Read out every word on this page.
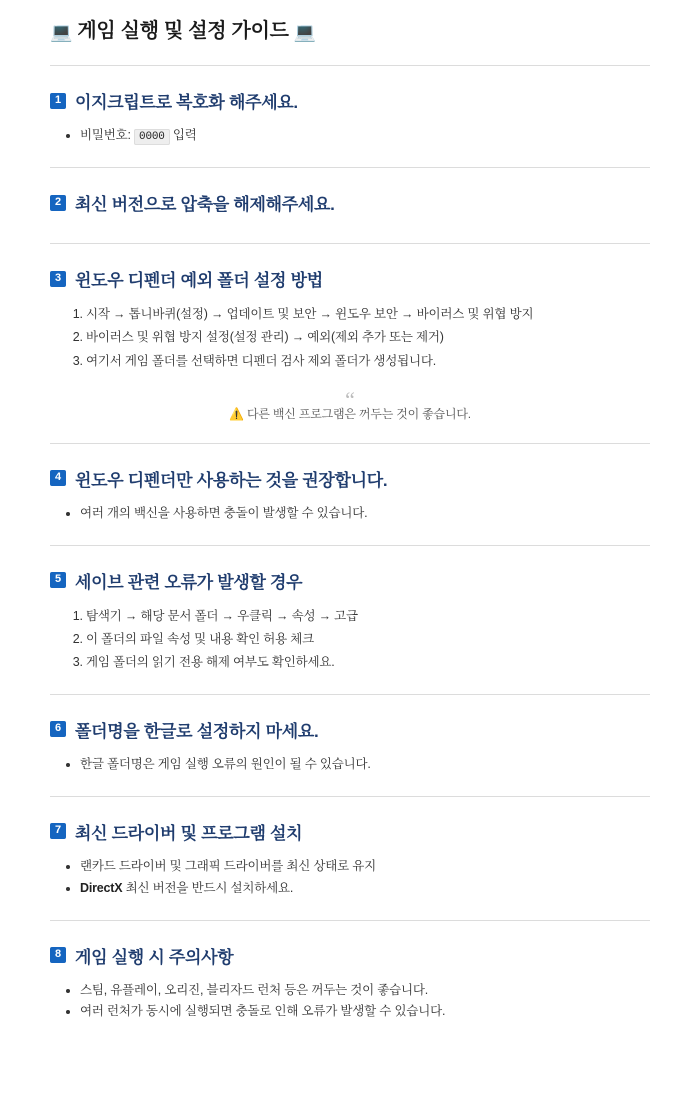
💻 게임 실행 및 설정 가이드 💻
1 이지크립트로 복호화 해주세요.
• 비밀번호: 0000 입력
2 최신 버전으로 압축을 해제해주세요.
3 윈도우 디펜더 예외 폴더 설정 방법
1. 시작 → 톱니바퀴(설정) → 업데이트 및 보안 → 윈도우 보안 → 바이러스 및 위협 방지
2. 바이러스 및 위협 방지 설정(설정 관리) → 예외(제외 추가 또는 제거)
3. 여기서 게임 폴더를 선택하면 디펜더 검사 제외 폴더가 생성됩니다.
“
⚠️ 다른 백신 프로그램은 꺼두는 것이 좋습니다.
4 윈도우 디펜더만 사용하는 것을 권장합니다.
• 여러 개의 백신을 사용하면 충돌이 발생할 수 있습니다.
5 세이브 관련 오류가 발생할 경우
1. 탐색기 → 해당 문서 폴더 → 우클릭 → 속성 → 고급
2. 이 폴더의 파일 속성 및 내용 확인 허용 체크
3. 게임 폴더의 읽기 전용 해제 여부도 확인하세요.
6 폴더명을 한글로 설정하지 마세요.
• 한글 폴더명은 게임 실행 오류의 원인이 될 수 있습니다.
7 최신 드라이버 및 프로그램 설치
• 랜카드 드라이버 및 그래픽 드라이버를 최신 상태로 유지
• DirectX 최신 버전을 반드시 설치하세요.
8 게임 실행 시 주의사항
• 스팀, 유플레이, 오리진, 블리자드 런처 등은 꺼두는 것이 좋습니다.
• 여러 런처가 동시에 실행되면 충돌로 인해 오류가 발생할 수 있습니다.
